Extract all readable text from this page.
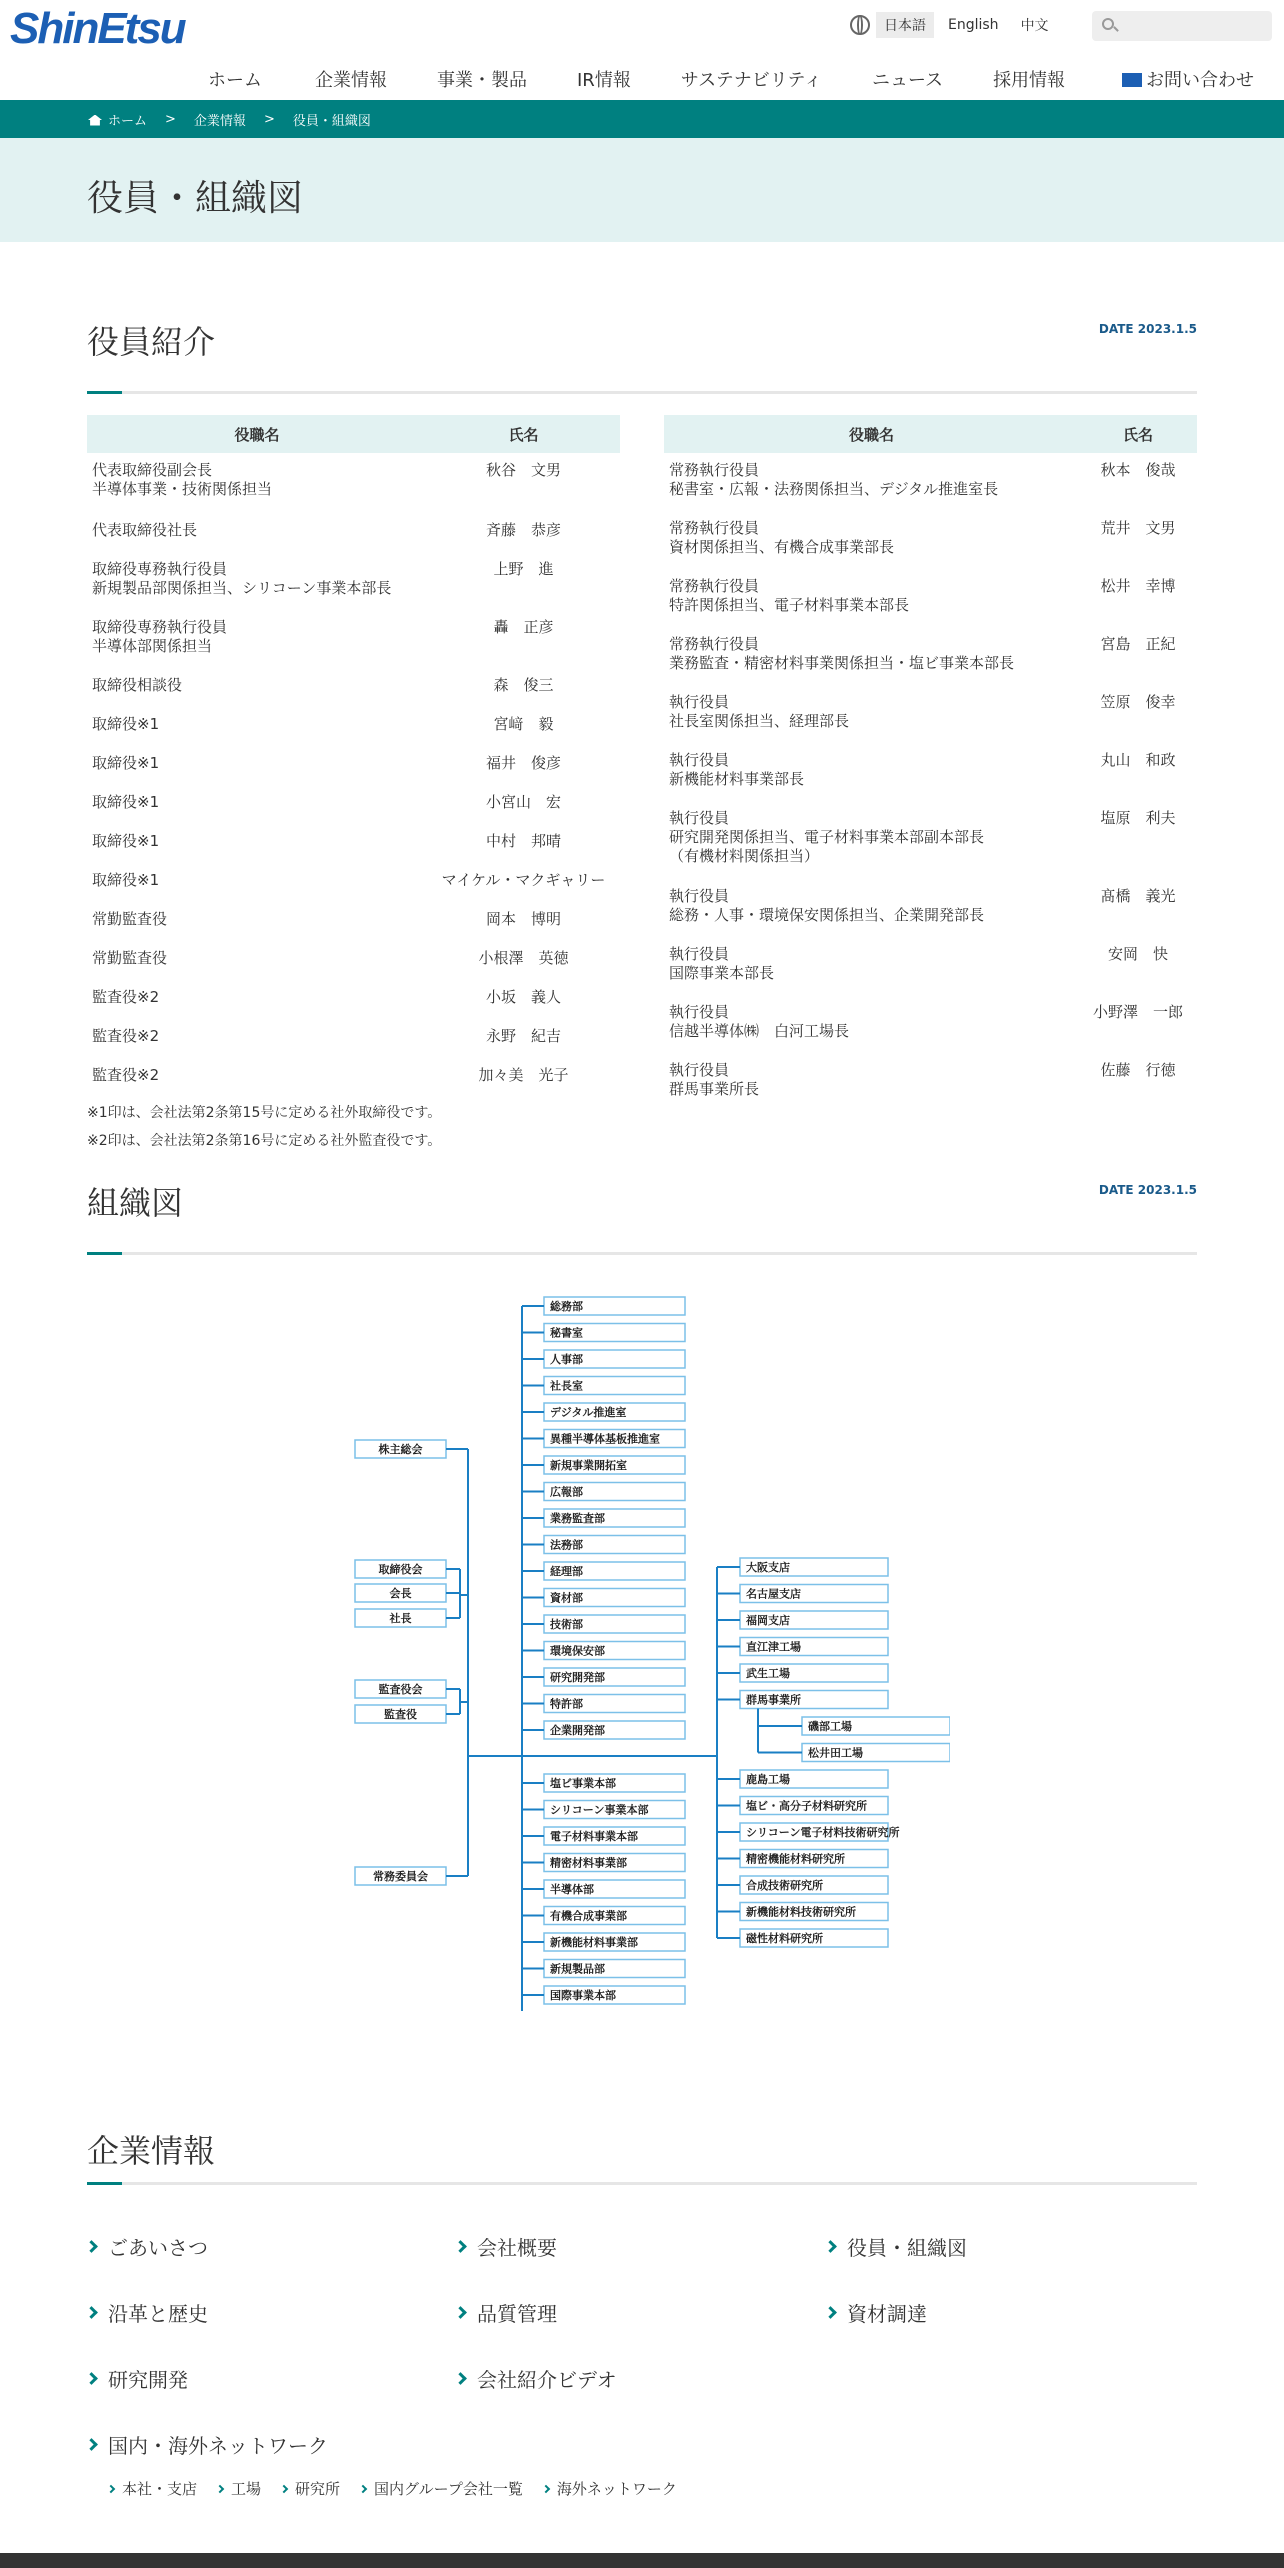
ShinEtsu	日本語	English	中文
ホーム	企業情報	事業・製品	IR情報	サステナビリティ	ニュース	採用情報	お問い合わせ
ホーム > 企業情報 > 役員・組織図
役員・組織図
役員紹介	DATE 2023.1.5
役職名	氏名

代表取締役副会長
半導体事業・技術関係担当	秋谷　文男

代表取締役社長	斉藤　恭彦

取締役専務執行役員
新規製品部関係担当、シリコーン事業本部長	上野　進

取締役専務執行役員
半導体部関係担当	轟　正彦

取締役相談役	森　俊三

取締役※1	宮﨑　毅

取締役※1	福井　俊彦

取締役※1	小宮山　宏

取締役※1	中村　邦晴

取締役※1	マイケル・マクギャリー

常勤監査役	岡本　博明

常勤監査役	小根澤　英徳

監査役※2	小坂　義人

監査役※2	永野　紀吉

監査役※2	加々美　光子
役職名	氏名

常務執行役員
秘書室・広報・法務関係担当、デジタル推進室長	秋本　俊哉

常務執行役員
資材関係担当、有機合成事業部長	荒井　文男

常務執行役員
特許関係担当、電子材料事業本部長	松井　幸博

常務執行役員
業務監査・精密材料事業関係担当・塩ビ事業本部長	宮島　正紀

執行役員
社長室関係担当、経理部長	笠原　俊幸

執行役員
新機能材料事業部長	丸山　和政

執行役員
研究開発関係担当、電子材料事業本部副本部長
（有機材料関係担当）	塩原　利夫

執行役員
総務・人事・環境保安関係担当、企業開発部長	髙橋　義光

執行役員
国際事業本部長	安岡　快

執行役員
信越半導体㈱　白河工場長	小野澤　一郎

執行役員
群馬事業所長	佐藤　行徳
※1印は、会社法第2条第15号に定める社外取締役です。
※2印は、会社法第2条第16号に定める社外監査役です。
組織図	DATE 2023.1.5
総務部
秘書室
人事部
社長室
デジタル推進室
異種半導体基板推進室
新規事業開拓室
広報部
業務監査部
法務部
経理部
資材部
技術部
環境保安部
研究開発部
特許部
企業開発部
塩ビ事業本部
シリコーン事業本部
電子材料事業本部
精密材料事業部
半導体部
有機合成事業部
新機能材料事業部
新規製品部
国際事業本部
大阪支店
名古屋支店
福岡支店
直江津工場
武生工場
群馬事業所
磯部工場
松井田工場
鹿島工場
塩ビ・高分子材料研究所
シリコーン電子材料技術研究所
精密機能材料研究所
合成技術研究所
新機能材料技術研究所
磁性材料研究所
株主総会
取締役会
会長
社長
監査役会
監査役
常務委員会
企業情報
ごあいさつ	会社概要	役員・組織図
沿革と歴史	品質管理	資材調達
研究開発	会社紹介ビデオ
国内・海外ネットワーク
本社・支店	工場	研究所	国内グループ会社一覧	海外ネットワーク
